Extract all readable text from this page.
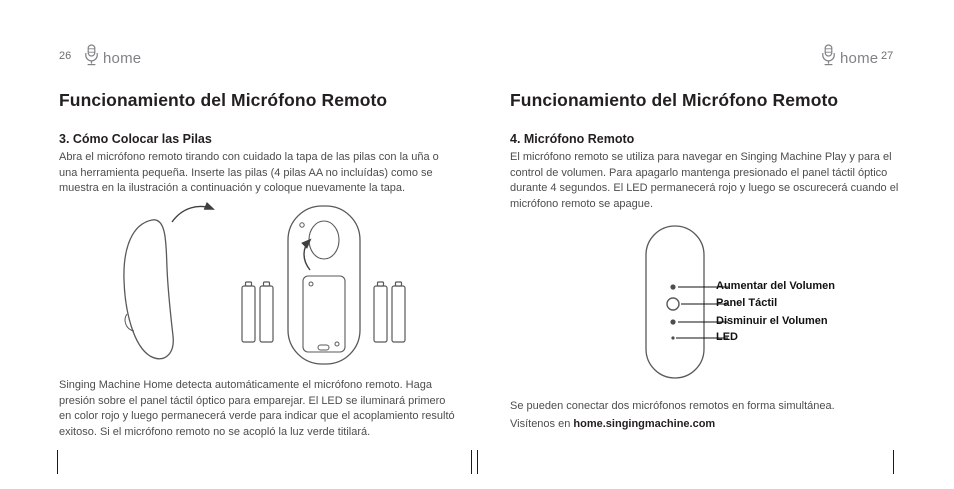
26 home	home 27
Funcionamiento del Micrófono Remoto
3. Cómo Colocar las Pilas

Abra el micrófono remoto tirando con cuidado la tapa de las pilas con la uña o una herramienta pequeña. Inserte las pilas (4 pilas AA no incluídas) como se muestra en la ilustración a continuación y coloque nuevamente la tapa.

Singing Machine Home detecta automáticamente el micrófono remoto. Haga presión sobre el panel táctil óptico para emparejar. El LED se iluminará primero en color rojo y luego permanecerá verde para indicar que el acoplamiento resultó exitoso. Si el micrófono remoto no se acopló la luz verde titilará.

Funcionamiento del Micrófono Remoto
4. Micrófono Remoto

El micrófono remoto se utiliza para navegar en Singing Machine Play y para el control de volumen. Para apagarlo mantenga presionado el panel táctil óptico durante 4 segundos. El LED permanecerá rojo y luego se oscurecerá cuando el micrófono remoto se apague.

Aumentar del Volumen
Panel Táctil
Disminuir el Volumen
LED

Se pueden conectar dos micrófonos remotos en forma simultánea.

Visítenos en home.singingmachine.com
